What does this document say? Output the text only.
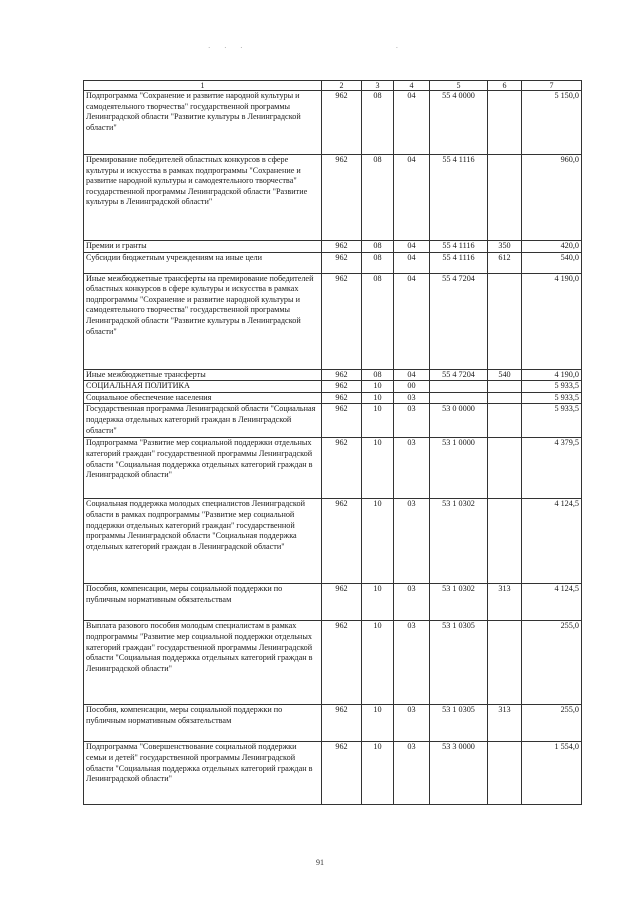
· · ·                   ·
1	2	3	4	5	6	7
Подпрограмма "Сохранение и развитие народной культуры и самодеятельного творчества" государственной программы Ленинградской области "Развитие культуры в Ленинградской области"	962	08	04	55 4 0000		5 150,0
Премирование победителей областных конкурсов в сфере культуры и искусства в рамках подпрограммы "Сохранение и развитие народной культуры и самодеятельного творчества" государственной программы Ленинградской области "Развитие культуры в Ленинградской области"	962	08	04	55 4 1116		960,0
Премии и гранты	962	08	04	55 4 1116	350	420,0
Субсидии бюджетным учреждениям на иные цели	962	08	04	55 4 1116	612	540,0
Иные межбюджетные трансферты на премирование победителей областных конкурсов в сфере культуры и искусства в рамках подпрограммы "Сохранение и развитие народной культуры и самодеятельного творчества" государственной программы Ленинградской области "Развитие культуры в Ленинградской области"	962	08	04	55 4 7204		4 190,0
Иные межбюджетные трансферты	962	08	04	55 4 7204	540	4 190,0
СОЦИАЛЬНАЯ ПОЛИТИКА	962	10	00			5 933,5
Социальное обеспечение населения	962	10	03			5 933,5
Государственная программа Ленинградской области "Социальная поддержка отдельных категорий граждан в Ленинградской области"	962	10	03	53 0 0000		5 933,5
Подпрограмма "Развитие мер социальной поддержки отдельных категорий граждан" государственной программы Ленинградской области "Социальная поддержка отдельных категорий граждан в Ленинградской области"	962	10	03	53 1 0000		4 379,5
Социальная поддержка молодых специалистов Ленинградской области в рамках подпрограммы "Развитие мер социальной поддержки отдельных категорий граждан" государственной программы Ленинградской области "Социальная поддержка отдельных категорий граждан в Ленинградской области"	962	10	03	53 1 0302		4 124,5
Пособия, компенсации, меры социальной поддержки по публичным нормативным обязательствам	962	10	03	53 1 0302	313	4 124,5
Выплата разового пособия молодым специалистам в рамках подпрограммы "Развитие мер социальной поддержки отдельных категорий граждан" государственной программы Ленинградской области "Социальная поддержка отдельных категорий граждан в Ленинградской области"	962	10	03	53 1 0305		255,0
Пособия, компенсации, меры социальной поддержки по публичным нормативным обязательствам	962	10	03	53 1 0305	313	255,0
Подпрограмма "Совершенствование социальной поддержки семьи и детей" государственной программы Ленинградской области "Социальная поддержка отдельных категорий граждан в Ленинградской области"	962	10	03	53 3 0000		1 554,0
91
